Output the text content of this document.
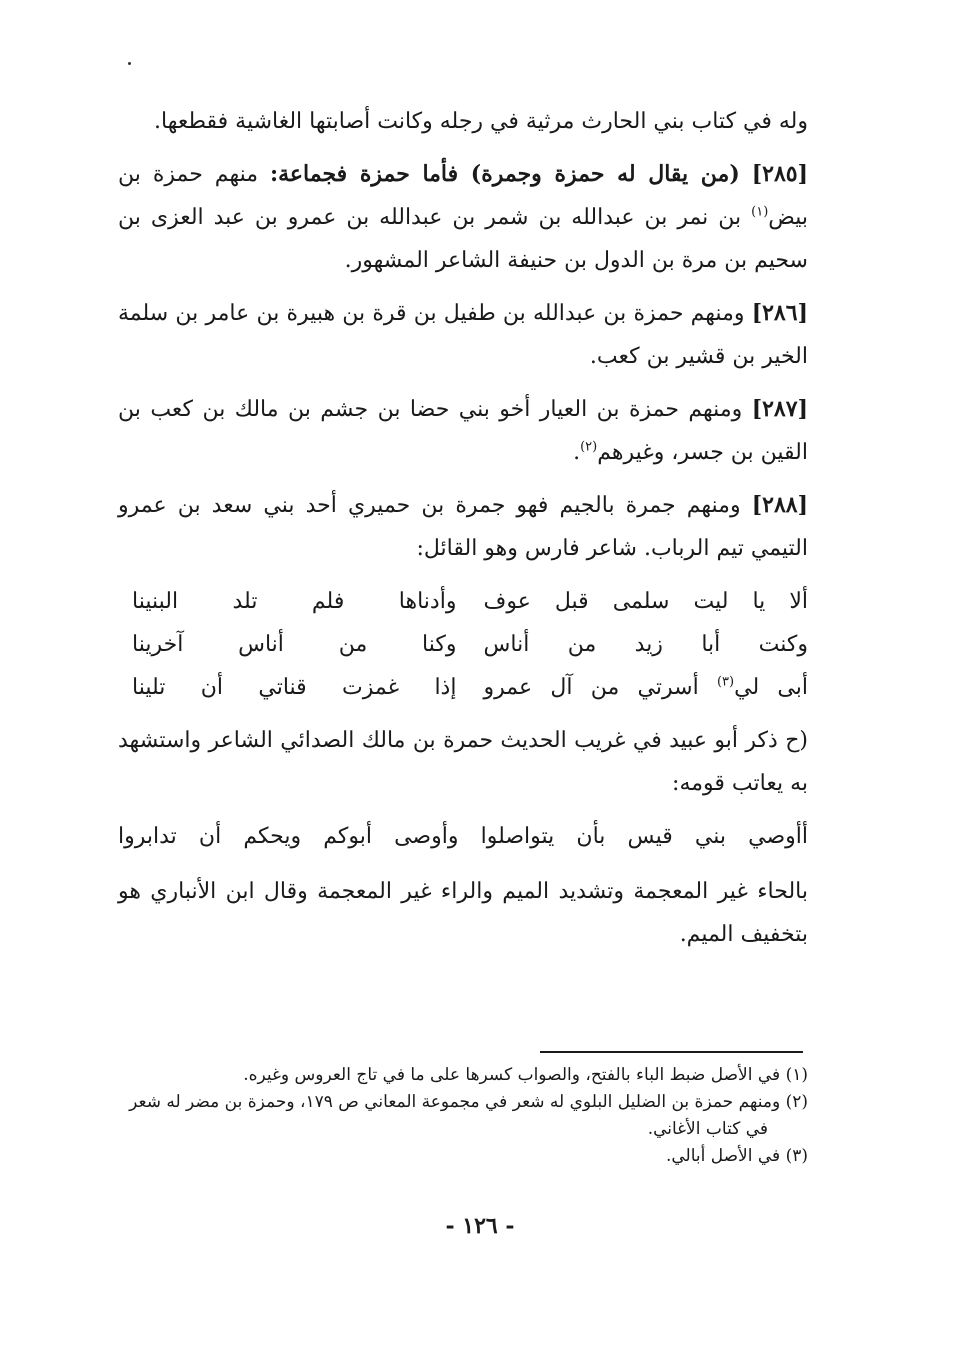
وله في كتاب بني الحارث مرثية في رجله وكانت أصابتها الغاشية فقطعها.

[٢٨٥] (من يقال له حمزة وجمرة) فأما حمزة فجماعة: منهم حمزة بن بيض$^{(١)}$ بن نمر بن عبدالله بن شمر بن عبدالله بن عمرو بن عبد العزى بن سحيم بن مرة بن الدول بن حنيفة الشاعر المشهور.

[٢٨٦] ومنهم حمزة بن عبدالله بن طفيل بن قرة بن هبيرة بن عامر بن سلمة الخير بن قشير بن كعب.

[٢٨٧] ومنهم حمزة بن العيار أخو بني حضا بن جشم بن مالك بن كعب بن القين بن جسر، وغيرهم$^{(٢)}$.

[٢٨٨] ومنهم جمرة بالجيم فهو جمرة بن حميري أحد بني سعد بن عمرو التيمي تيم الرباب. شاعر فارس وهو القائل:

ألا يا ليت سلمى قبل عوف
وأدناها فلم تلد البنينا
وكنت أبا زيد من أناس
وكنا من أناس آخرينا
أبى لي$^{(٣)}$ أسرتي من آل عمرو
إذا غمزت قناتي أن تلينا

(ح ذكر أبو عبيد في غريب الحديث حمرة بن مالك الصدائي الشاعر واستشهد به يعاتب قومه:

أأوصي بني قيس بأن يتواصلوا وأوصى أبوكم ويحكم أن تدابروا

بالحاء غير المعجمة وتشديد الميم والراء غير المعجمة وقال ابن الأنباري هو بتخفيف الميم.

(١) في الأصل ضبط الباء بالفتح، والصواب كسرها على ما في تاج العروس وغيره.

(٢) ومنهم حمزة بن الضليل البلوي له شعر في مجموعة المعاني ص ١٧٩، وحمزة بن مضر له شعر

في كتاب الأغاني.

(٣) في الأصل أبالي.

- ١٢٦ -
